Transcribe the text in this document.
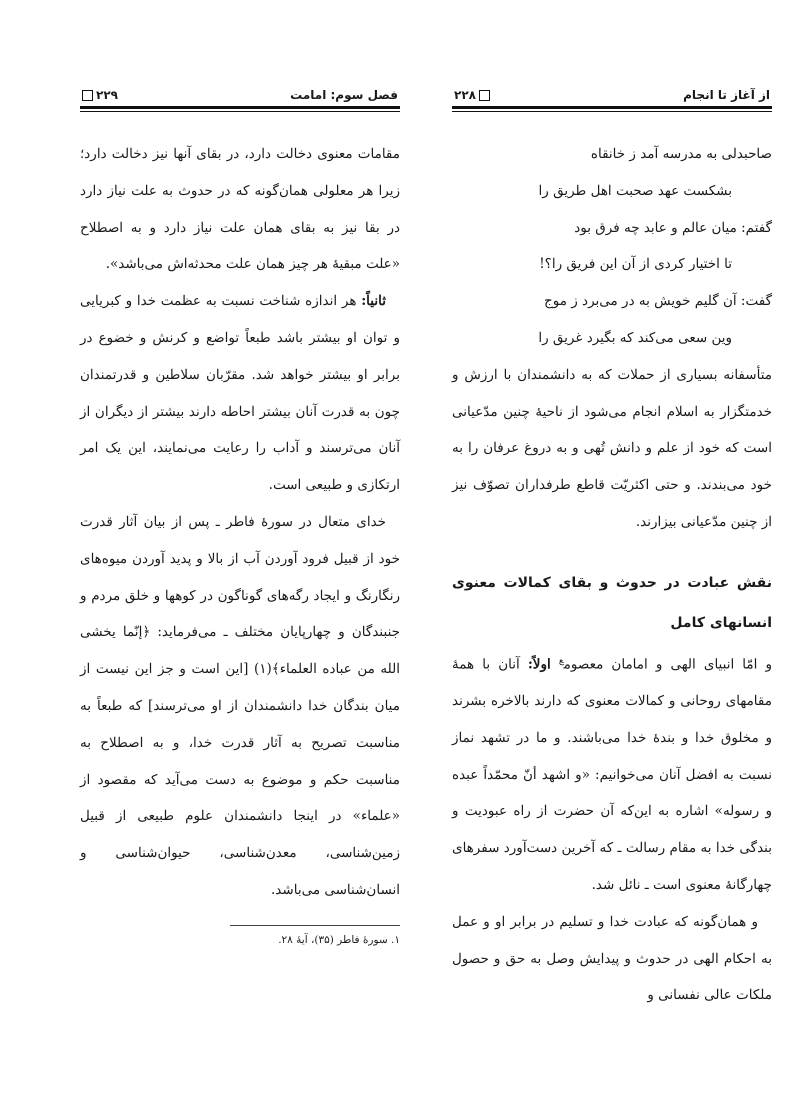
فصل سوم: امامت
۲۲۹

مقامات معنوی دخالت دارد، در بقای آنها نیز دخالت دارد؛ زیرا هر معلولی همان‌گونه که در حدوث به علت نیاز دارد در بقا نیز به بقای همان علت نیاز دارد و به اصطلاح «علت مبقیهٔ هر چیز همان علت محدثه‌اش می‌باشد».

ثانیاً: هر اندازه شناخت نسبت به عظمت خدا و کبریایی و توان او بیشتر باشد طبعاً تواضع و کرنش و خضوع در برابر او بیشتر خواهد شد. مقرّبان سلاطین و قدرتمندان چون به قدرت آنان بیشتر احاطه دارند بیشتر از دیگران از آنان می‌ترسند و آداب را رعایت می‌نمایند، این یک امر ارتکازی و طبیعی است.

خدای متعال در سورهٔ فاطر ـ پس از بیان آثار قدرت خود از قبیل فرود آوردن آب از بالا و پدید آوردن میوه‌های رنگارنگ و ایجاد رگه‌های گوناگون در کوهها و خلق مردم و جنبندگان و چهارپایان مختلف ـ می‌فرماید: ﴿إنّما یخشی الله من عباده العلماء﴾(۱) [این است و جز این نیست از میان بندگان خدا دانشمندان از او می‌ترسند] که طبعاً به مناسبت تصریح به آثار قدرت خدا، و به اصطلاح به مناسبت حکم و موضوع به دست می‌آید که مقصود از «علماء» در اینجا دانشمندان علوم طبیعی از قبیل زمین‌شناسی، معدن‌شناسی، حیوان‌شناسی و انسان‌شناسی می‌باشد.

۱. سورهٔ فاطر (۳۵)، آیهٔ ۲۸.
از آغاز تا انجام
۲۲۸
صاحبدلی به مدرسه آمد ز خانقاه
بشکست عهد صحبت اهل طریق را
گفتم: میان عالم و عابد چه فرق بود
تا اختیار کردی از آن این فریق را؟!
گفت: آن گلیم خویش به در می‌برد ز موج
وین سعی می‌کند که بگیرد غریق را

متأسفانه بسیاری از حملات که به دانشمندان با ارزش و خدمتگزار به اسلام انجام می‌شود از ناحیهٔ چنین مدّعیانی است که خود از علم و دانش تُهی و به دروغ عرفان را به خود می‌بندند. و حتی اکثریّت قاطع طرفداران تصوّف نیز از چنین مدّعیانی بیزارند.

نقش عبادت در حدوث و بقای کمالات معنوی انسانهای کامل

و امّا انبیای الهی و امامان معصوم$^ع$ اولاً: آنان با همهٔ مقامهای روحانی و کمالات معنوی که دارند بالاخره بشرند و مخلوق خدا و بندهٔ خدا می‌باشند. و ما در تشهد نماز نسبت به افضل آنان می‌خوانیم: «و اشهد أنّ محمّداً عبده و رسوله» اشاره به این‌که آن حضرت از راه عبودیت و بندگی خدا به مقام رسالت ـ که آخرین دست‌آورد سفرهای چهارگانهٔ معنوی است ـ نائل شد.

و همان‌گونه که عبادت خدا و تسلیم در برابر او و عمل به احکام الهی در حدوث و پیدایش وصل به حق و حصول ملکات عالی نفسانی و
